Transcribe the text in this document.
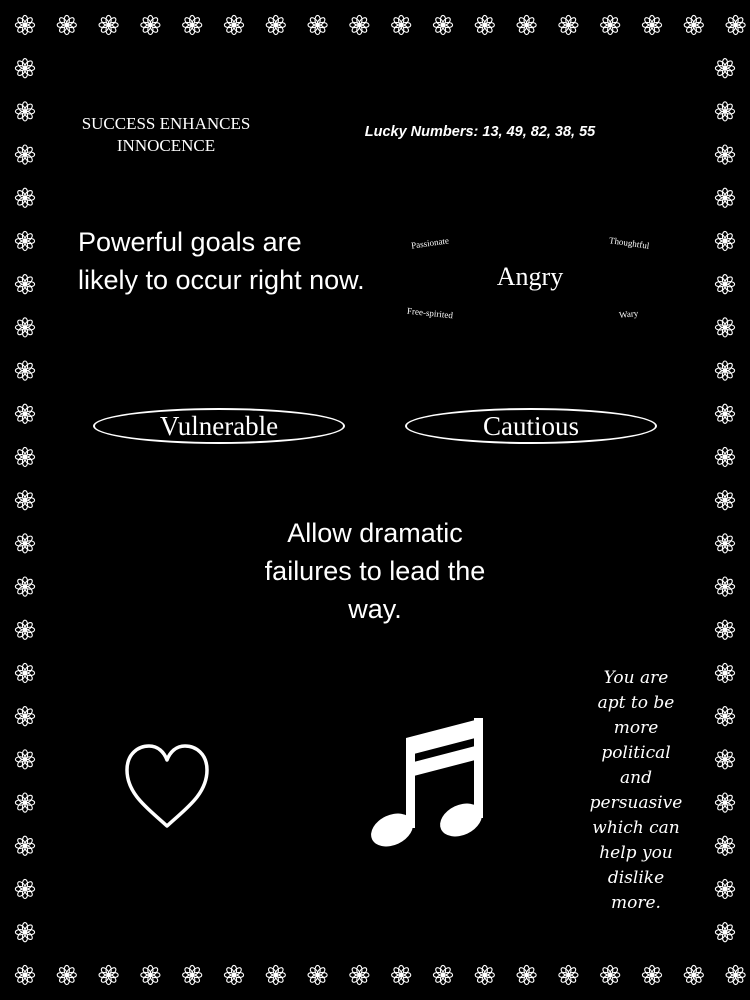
SUCCESS ENHANCES INNOCENCE
Lucky Numbers: 13, 49, 82, 38, 55
Powerful goals are likely to occur right now.
Passionate	Thoughtful
Angry
Free-spirited	Wary
Vulnerable	Cautious
Allow dramatic failures to lead the way.
You are apt to be more political and persuasive which can help you dislike more.
